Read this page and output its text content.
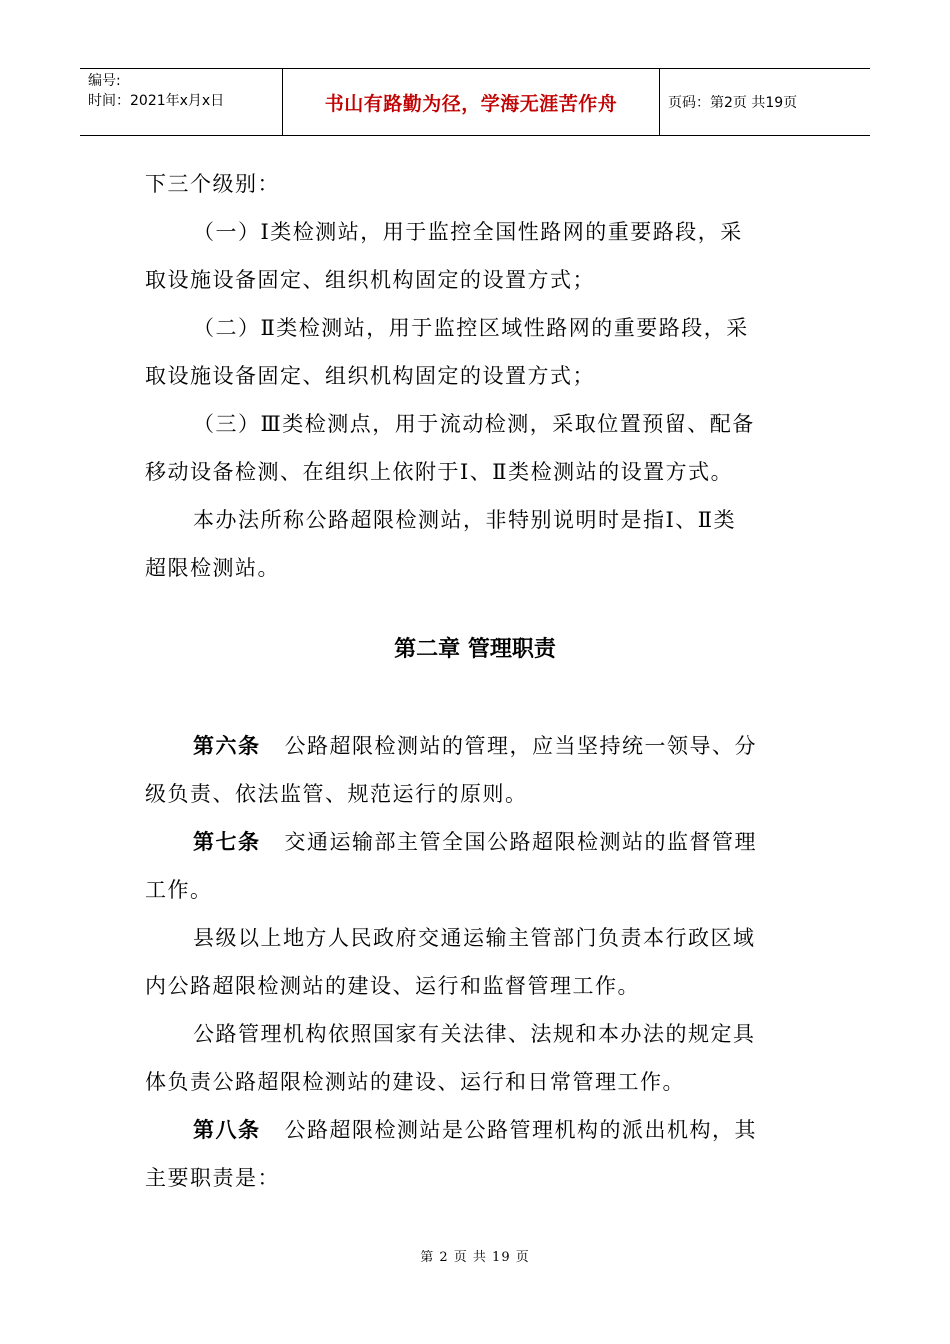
编号:
时间：2021年x月x日	书山有路勤为径，学海无涯苦作舟	页码：第2页 共19页
下三个级别：
（一）Ⅰ类检测站，用于监控全国性路网的重要路段，采
取设施设备固定、组织机构固定的设置方式；
（二）Ⅱ类检测站，用于监控区域性路网的重要路段，采
取设施设备固定、组织机构固定的设置方式；
（三）Ⅲ类检测点，用于流动检测，采取位置预留、配备
移动设备检测、在组织上依附于Ⅰ、Ⅱ类检测站的设置方式。
本办法所称公路超限检测站，非特别说明时是指Ⅰ、Ⅱ类
超限检测站。
第二章 管理职责
第六条 公路超限检测站的管理，应当坚持统一领导、分
级负责、依法监管、规范运行的原则。
第七条 交通运输部主管全国公路超限检测站的监督管理
工作。
县级以上地方人民政府交通运输主管部门负责本行政区域
内公路超限检测站的建设、运行和监督管理工作。
公路管理机构依照国家有关法律、法规和本办法的规定具
体负责公路超限检测站的建设、运行和日常管理工作。
第八条 公路超限检测站是公路管理机构的派出机构，其
主要职责是：
第 2 页 共 19 页
